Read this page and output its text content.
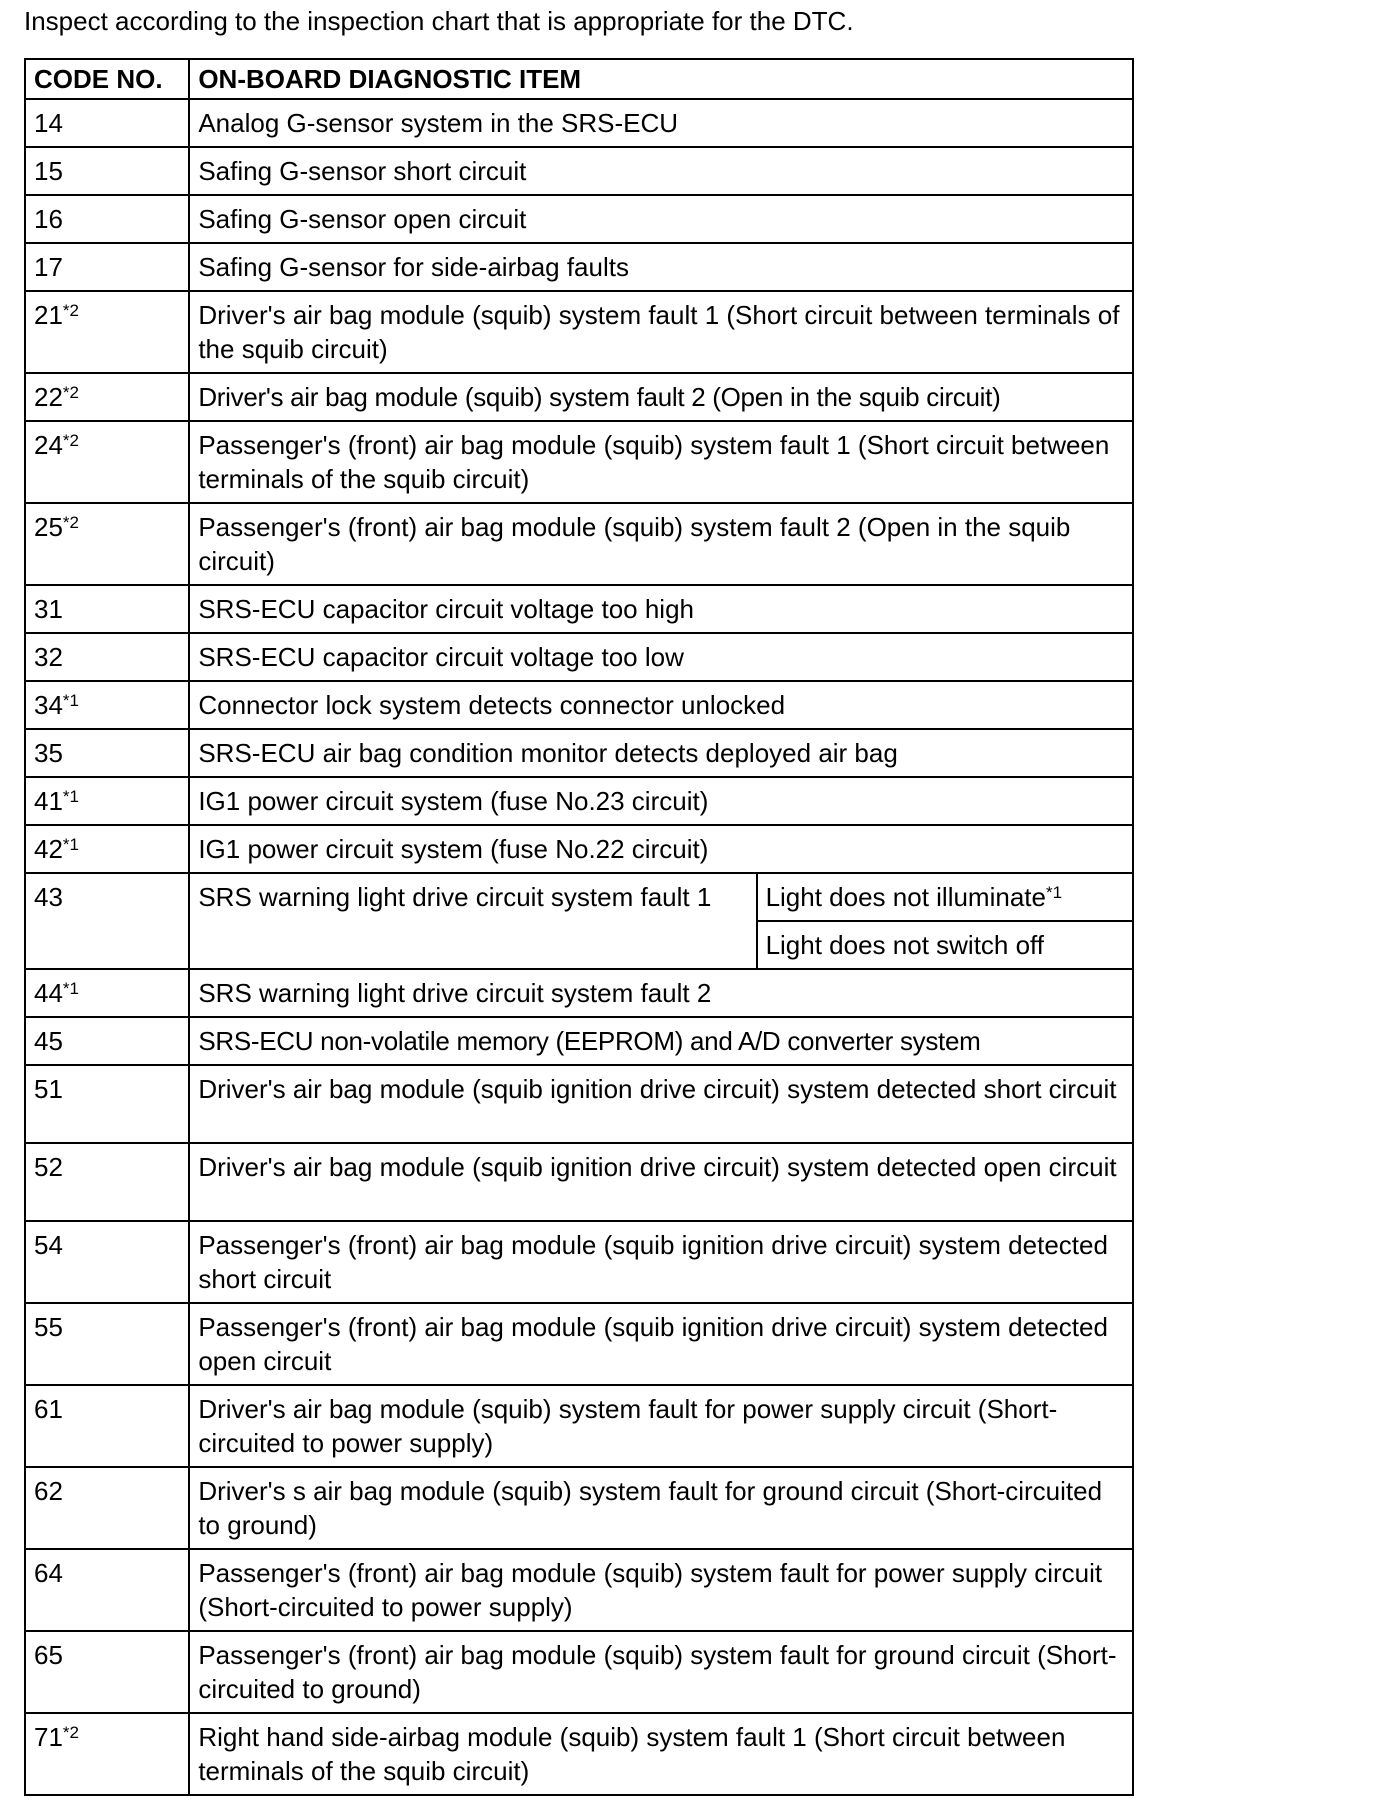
Inspect according to the inspection chart that is appropriate for the DTC.
CODE NO.	ON-BOARD DIAGNOSTIC ITEM	
14	Analog G-sensor system in the SRS-ECU	
15	Safing G-sensor short circuit	
16	Safing G-sensor open circuit	
17	Safing G-sensor for side-airbag faults	
21$^{*2}$	Driver's air bag module (squib) system fault 1 (Short circuit between terminals of the squib circuit)	
22$^{*2}$	Driver's air bag module (squib) system fault 2 (Open in the squib circuit)	
24$^{*2}$	Passenger's (front) air bag module (squib) system fault 1 (Short circuit between terminals of the squib circuit)	
25$^{*2}$	Passenger's (front) air bag module (squib) system fault 2 (Open in the squib circuit)	
31	SRS-ECU capacitor circuit voltage too high	
32	SRS-ECU capacitor circuit voltage too low	
34$^{*1}$	Connector lock system detects connector unlocked	
35	SRS-ECU air bag condition monitor detects deployed air bag	
41$^{*1}$	IG1 power circuit system (fuse No.23 circuit)	
42$^{*1}$	IG1 power circuit system (fuse No.22 circuit)	
43	SRS warning light drive circuit system fault 1	Light does not illuminate$^{*1}$
		Light does not switch off
44$^{*1}$	SRS warning light drive circuit system fault 2	
45	SRS-ECU non-volatile memory (EEPROM) and A/D converter system	
51	Driver's air bag module (squib ignition drive circuit) system detected short circuit	
52	Driver's air bag module (squib ignition drive circuit) system detected open circuit	
54	Passenger's (front) air bag module (squib ignition drive circuit) system detected short circuit	
55	Passenger's (front) air bag module (squib ignition drive circuit) system detected open circuit	
61	Driver's air bag module (squib) system fault for power supply circuit (Short-circuited to power supply)	
62	Driver's s air bag module (squib) system fault for ground circuit (Short-circuited to ground)	
64	Passenger's (front) air bag module (squib) system fault for power supply circuit (Short-circuited to power supply)	
65	Passenger's (front) air bag module (squib) system fault for ground circuit (Short-circuited to ground)	
71$^{*2}$	Right hand side-airbag module (squib) system fault 1 (Short circuit between terminals of the squib circuit)	
